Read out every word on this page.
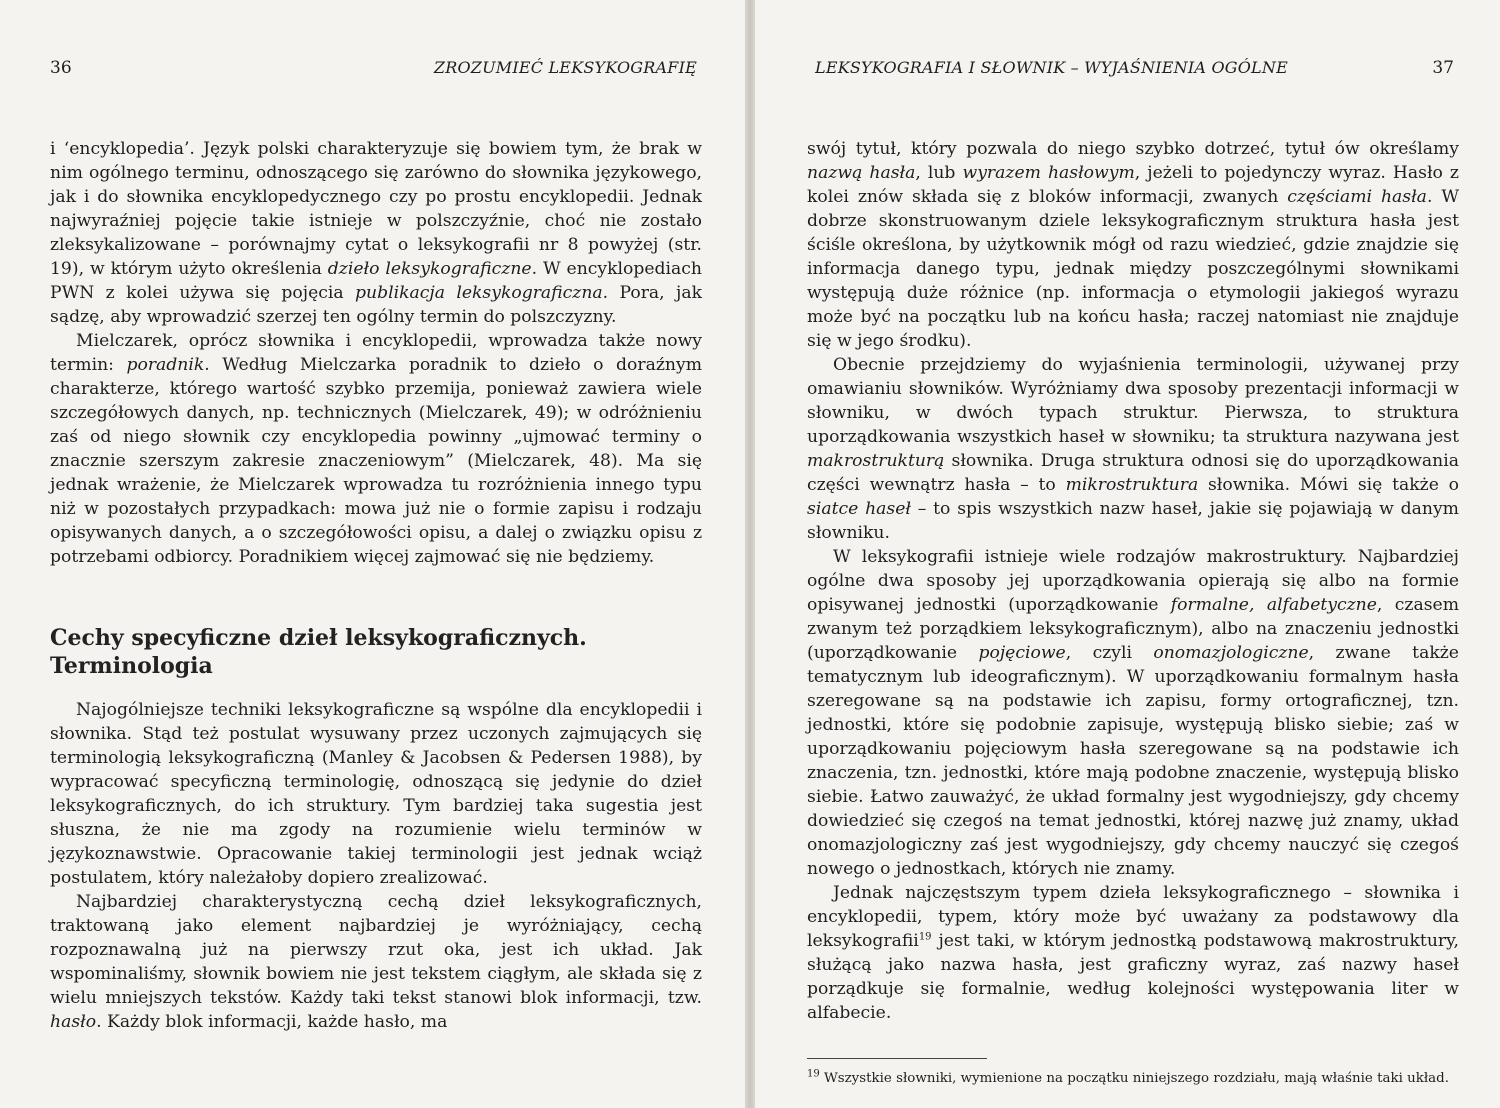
36	ZROZUMIEĆ LEKSYKOGRAFIĘ

i ‘encyklopedia’. Język polski charakteryzuje się bowiem tym, że brak w nim ogólnego terminu, odnoszącego się zarówno do słownika językowego, jak i do słownika encyklopedycznego czy po prostu encyklopedii. Jednak najwyraźniej pojęcie takie istnieje w polszczyźnie, choć nie zostało zleksykalizowane – porównajmy cytat o leksykografii nr 8 powyżej (str. 19), w którym użyto określenia dzieło leksykograficzne. W encyklopediach PWN z kolei używa się pojęcia publikacja leksykograficzna. Pora, jak sądzę, aby wprowadzić szerzej ten ogólny termin do polszczyzny.

Mielczarek, oprócz słownika i encyklopedii, wprowadza także nowy termin: poradnik. Według Mielczarka poradnik to dzieło o doraźnym charakterze, którego wartość szybko przemija, ponieważ zawiera wiele szczegółowych danych, np. technicznych (Mielczarek, 49); w odróżnieniu zaś od niego słownik czy encyklopedia powinny „ujmować terminy o znacznie szerszym zakresie znaczeniowym” (Mielczarek, 48). Ma się jednak wrażenie, że Mielczarek wprowadza tu rozróżnienia innego typu niż w pozostałych przypadkach: mowa już nie o formie zapisu i rodzaju opisywanych danych, a o szczegółowości opisu, a dalej o związku opisu z potrzebami odbiorcy. Poradnikiem więcej zajmować się nie będziemy.

Cechy specyficzne dzieł leksykograficznych.
Terminologia

Najogólniejsze techniki leksykograficzne są wspólne dla encyklopedii i słownika. Stąd też postulat wysuwany przez uczonych zajmujących się terminologią leksykograficzną (Manley & Jacobsen & Pedersen 1988), by wypracować specyficzną terminologię, odnoszącą się jedynie do dzieł leksykograficznych, do ich struktury. Tym bardziej taka sugestia jest słuszna, że nie ma zgody na rozumienie wielu terminów w językoznawstwie. Opracowanie takiej terminologii jest jednak wciąż postulatem, który należałoby dopiero zrealizować.

Najbardziej charakterystyczną cechą dzieł leksykograficznych, traktowaną jako element najbardziej je wyróżniający, cechą rozpoznawalną już na pierwszy rzut oka, jest ich układ. Jak wspominaliśmy, słownik bowiem nie jest tekstem ciągłym, ale składa się z wielu mniejszych tekstów. Każdy taki tekst stanowi blok informacji, tzw. hasło. Każdy blok informacji, każde hasło, ma

LEKSYKOGRAFIA I SŁOWNIK – WYJAŚNIENIA OGÓLNE	37

swój tytuł, który pozwala do niego szybko dotrzeć, tytuł ów określamy nazwą hasła, lub wyrazem hasłowym, jeżeli to pojedynczy wyraz. Hasło z kolei znów składa się z bloków informacji, zwanych częściami hasła. W dobrze skonstruowanym dziele leksykograficznym struktura hasła jest ściśle określona, by użytkownik mógł od razu wiedzieć, gdzie znajdzie się informacja danego typu, jednak między poszczególnymi słownikami występują duże różnice (np. informacja o etymologii jakiegoś wyrazu może być na początku lub na końcu hasła; raczej natomiast nie znajduje się w jego środku).

Obecnie przejdziemy do wyjaśnienia terminologii, używanej przy omawianiu słowników. Wyróżniamy dwa sposoby prezentacji informacji w słowniku, w dwóch typach struktur. Pierwsza, to struktura uporządkowania wszystkich haseł w słowniku; ta struktura nazywana jest makrostrukturą słownika. Druga struktura odnosi się do uporządkowania części wewnątrz hasła – to mikrostruktura słownika. Mówi się także o siatce haseł – to spis wszystkich nazw haseł, jakie się pojawiają w danym słowniku.

W leksykografii istnieje wiele rodzajów makrostruktury. Najbardziej ogólne dwa sposoby jej uporządkowania opierają się albo na formie opisywanej jednostki (uporządkowanie formalne, alfabetyczne, czasem zwanym też porządkiem leksykograficznym), albo na znaczeniu jednostki (uporządkowanie pojęciowe, czyli onomazjologiczne, zwane także tematycznym lub ideograficznym). W uporządkowaniu formalnym hasła szeregowane są na podstawie ich zapisu, formy ortograficznej, tzn. jednostki, które się podobnie zapisuje, występują blisko siebie; zaś w uporządkowaniu pojęciowym hasła szeregowane są na podstawie ich znaczenia, tzn. jednostki, które mają podobne znaczenie, występują blisko siebie. Łatwo zauważyć, że układ formalny jest wygodniejszy, gdy chcemy dowiedzieć się czegoś na temat jednostki, której nazwę już znamy, układ onomazjologiczny zaś jest wygodniejszy, gdy chcemy nauczyć się czegoś nowego o jednostkach, których nie znamy.

Jednak najczęstszym typem dzieła leksykograficznego – słownika i encyklopedii, typem, który może być uważany za podstawowy dla leksykografii$^{19}$ jest taki, w którym jednostką podstawową makrostruktury, służącą jako nazwa hasła, jest graficzny wyraz, zaś nazwy haseł porządkuje się formalnie, według kolejności występowania liter w alfabecie.

$^{19}$ Wszystkie słowniki, wymienione na początku niniejszego rozdziału, mają właśnie taki układ.
